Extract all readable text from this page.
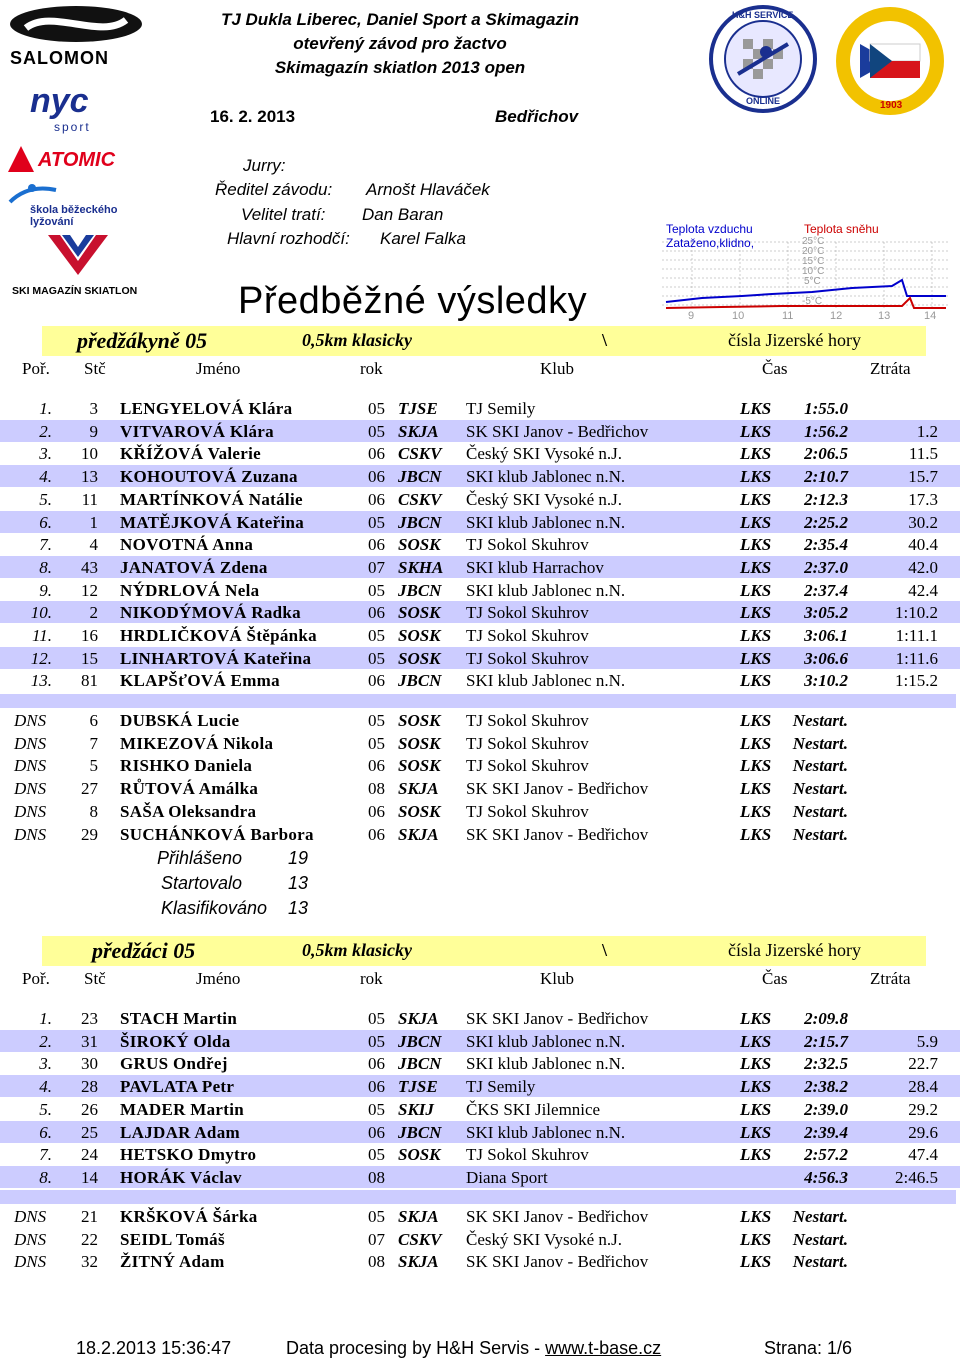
SALOMON
nyc
sport
ATOMIC
škola běžeckého lyžování
SKI MAGAZÍN SKIATLON
TJ Dukla Liberec, Daniel Sport a Skimagazin
otevřený závod pro žactvo
Skimagazín skiatlon 2013 open
16. 2. 2013	Bedřichov
H&H SERVICE
ONLINE	1903
Jurry:
Ředitel závodu: Arnošt Hlaváček
Velitel tratí: Dan Baran
Hlavní rozhodčí: Karel Falka	Teplota vzduchu
Zataženo,klidno,
Teplota sněhu
25°C
20°C
15°C
10°C
5°C
-5°C
9	10	11	12	13	14
Předběžné výsledky
předžákyně 05	0,5km klasicky	\	čísla Jizerské hory
Poř. Stč	Jméno	rok	Klub	Čas	Ztráta
1.	3 LENGYELOVÁ Klára	05 TJSE TJ Semily	LKS	1:55.0
2.	9 VITVAROVÁ Klára	05 SKJA SK SKI Janov - Bedřichov	LKS	1:56.2	1.2
3.	10 KŘÍŽOVÁ Valerie	06 CSKV Český SKI Vysoké n.J.	LKS	2:06.5	11.5
4.	13 KOHOUTOVÁ Zuzana	06 JBCN SKI klub Jablonec n.N.	LKS	2:10.7	15.7
5.	11 MARTÍNKOVÁ Natálie	06 CSKV Český SKI Vysoké n.J.	LKS	2:12.3	17.3
6.	1 MATĚJKOVÁ Kateřina	05 JBCN SKI klub Jablonec n.N.	LKS	2:25.2	30.2
7.	4 NOVOTNÁ Anna	06 SOSK TJ Sokol Skuhrov	LKS	2:35.4	40.4
8.	43 JANATOVÁ Zdena	07 SKHA SKI klub Harrachov	LKS	2:37.0	42.0
9.	12 NÝDRLOVÁ Nela	05 JBCN SKI klub Jablonec n.N.	LKS	2:37.4	42.4
10.	2 NIKODÝMOVÁ Radka	06 SOSK TJ Sokol Skuhrov	LKS	3:05.2	1:10.2
11.	16 HRDLIČKOVÁ Štěpánka	05 SOSK TJ Sokol Skuhrov	LKS	3:06.1	1:11.1
12.	15 LINHARTOVÁ Kateřina	05 SOSK TJ Sokol Skuhrov	LKS	3:06.6	1:11.6
13.	81 KLAPŠťOVÁ Emma	06 JBCN SKI klub Jablonec n.N.	LKS	3:10.2	1:15.2
DNS	6 DUBSKÁ Lucie	05 SOSK TJ Sokol Skuhrov	LKS	Nestart.
DNS	7 MIKEZOVÁ Nikola	05 SOSK TJ Sokol Skuhrov	LKS	Nestart.
DNS	5 RISHKO Daniela	06 SOSK TJ Sokol Skuhrov	LKS	Nestart.
DNS	27 RŮTOVÁ Amálka	08 SKJA SK SKI Janov - Bedřichov	LKS	Nestart.
DNS	8 SAŠA Oleksandra	06 SOSK TJ Sokol Skuhrov	LKS	Nestart.
DNS	29 SUCHÁNKOVÁ Barbora	06 SKJA SK SKI Janov - Bedřichov	LKS	Nestart.
Přihlášeno	19
Startovalo	13
Klasifikováno 13
předžáci 05	0,5km klasicky	\	čísla Jizerské hory
Poř. Stč	Jméno	rok	Klub	Čas	Ztráta
1.	23 STACH Martin	05 SKJA SK SKI Janov - Bedřichov	LKS	2:09.8
2.	31 ŠIROKÝ Olda	05 JBCN SKI klub Jablonec n.N.	LKS	2:15.7	5.9
3.	30 GRUS Ondřej	06 JBCN SKI klub Jablonec n.N.	LKS	2:32.5	22.7
4.	28 PAVLATA Petr	06 TJSE TJ Semily	LKS	2:38.2	28.4
5.	26 MADER Martin	05 SKIJ ČKS SKI Jilemnice	LKS	2:39.0	29.2
6.	25 LAJDAR Adam	06 JBCN SKI klub Jablonec n.N.	LKS	2:39.4	29.6
7.	24 HETSKO Dmytro	05 SOSK TJ Sokol Skuhrov	LKS	2:57.2	47.4
8.	14 HORÁK Václav	08	Diana Sport	4:56.3	2:46.5
DNS	21 KRŠKOVÁ Šárka	05 SKJA SK SKI Janov - Bedřichov	LKS	Nestart.
DNS	22 SEIDL Tomáš	07 CSKV Český SKI Vysoké n.J.	LKS	Nestart.
DNS	32 ŽITNÝ Adam	08 SKJA SK SKI Janov - Bedřichov	LKS	Nestart.
18.2.2013 15:36:47	Data procesing by H&H Servis - www.t-base.cz	Strana: 1/6
